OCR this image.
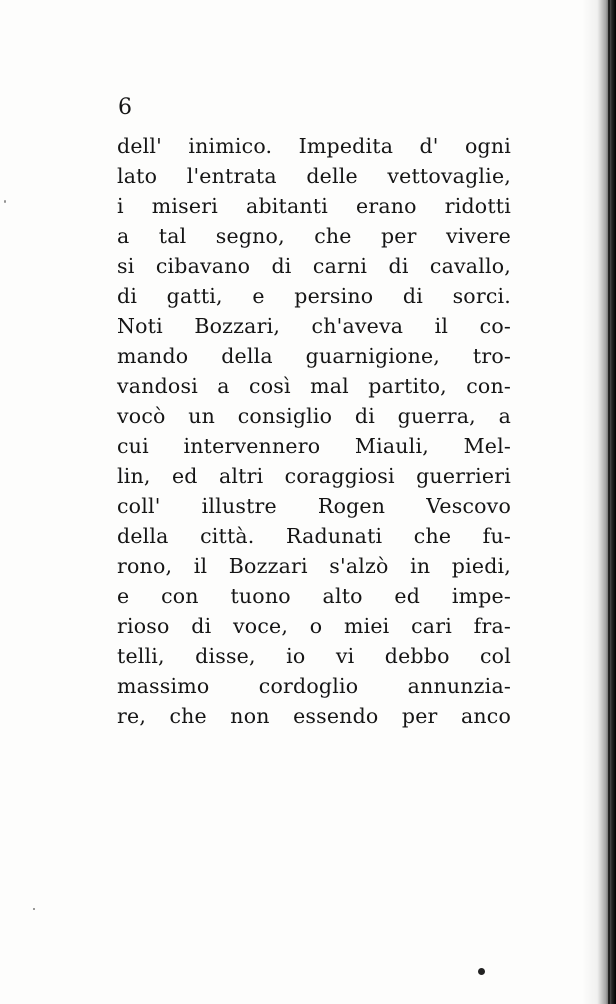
6
dell' inimico. Impedita d' ogni
lato l'entrata delle vettovaglie,
i miseri abitanti erano ridotti
a tal segno, che per vivere
si cibavano di carni di cavallo,
di gatti, e persino di sorci.
Noti Bozzari, ch'aveva il co-
mando della guarnigione, tro-
vandosi a così mal partito, con-
vocò un consiglio di guerra, a
cui intervennero Miauli, Mel-
lin, ed altri coraggiosi guerrieri
coll' illustre Rogen Vescovo
della città. Radunati che fu-
rono, il Bozzari s'alzò in piedi,
e con tuono alto ed impe-
rioso di voce, o miei cari fra-
telli, disse, io vi debbo col
massimo cordoglio annunzia-
re, che non essendo per anco
